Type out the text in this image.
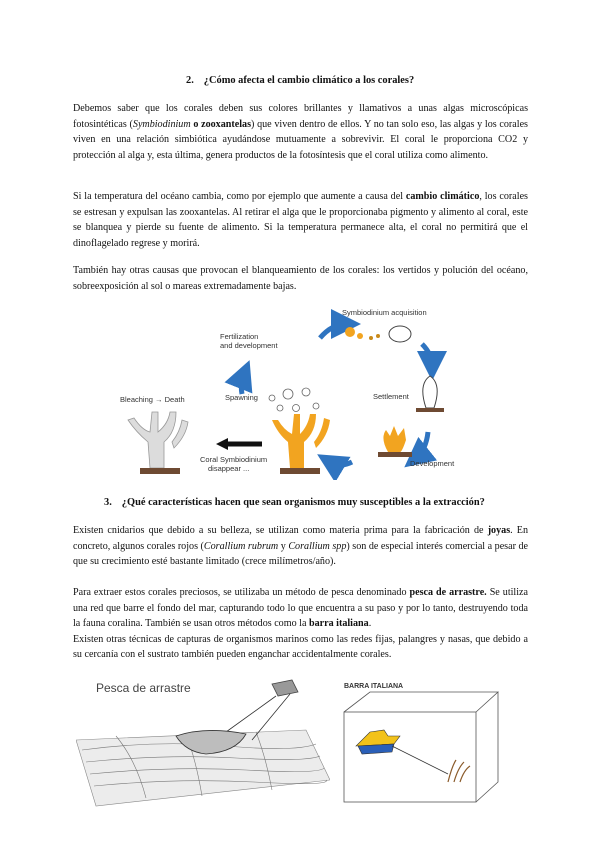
2. ¿Cómo afecta el cambio climático a los corales?

Debemos saber que los corales deben sus colores brillantes y llamativos a unas algas microscópicas fotosintéticas (Symbiodinium o zooxantelas) que viven dentro de ellos. Y no tan solo eso, las algas y los corales viven en una relación simbiótica ayudándose mutuamente a sobrevivir. El coral le proporciona CO2 y protección al alga y, esta última, genera productos de la fotosíntesis que el coral utiliza como alimento.

Si la temperatura del océano cambia, como por ejemplo que aumente a causa del cambio climático, los corales se estresan y expulsan las zooxantelas. Al retirar el alga que le proporcionaba pigmento y alimento al coral, este se blanquea y pierde su fuente de alimento. Si la temperatura permanece alta, el coral no permitirá que el dinoflagelado regrese y morirá.

También hay otras causas que provocan el blanqueamiento de los corales: los vertidos y polución del océano, sobreexposición al sol o mareas extremadamente bajas.

Symbiodinium acquisition
Fertilization
and development
Settlement
Spawning
Development
Bleaching → Death
Coral Symbiodinium
disappear ...
3. ¿Qué características hacen que sean organismos muy susceptibles a la extracción?

Existen cnidarios que debido a su belleza, se utilizan como materia prima para la fabricación de joyas. En concreto, algunos corales rojos (Corallium rubrum y Corallium spp) son de especial interés comercial a pesar de que su crecimiento esté bastante limitado (crece milímetros/año).

Para extraer estos corales preciosos, se utilizaba un método de pesca denominado pesca de arrastre. Se utiliza una red que barre el fondo del mar, capturando todo lo que encuentra a su paso y por lo tanto, destruyendo toda la fauna coralina. También se usan otros métodos como la barra italiana.

Existen otras técnicas de capturas de organismos marinos como las redes fijas, palangres y nasas, que debido a su cercanía con el sustrato también pueden enganchar accidentalmente corales.

Pesca de arrastre	BARRA ITALIANA
